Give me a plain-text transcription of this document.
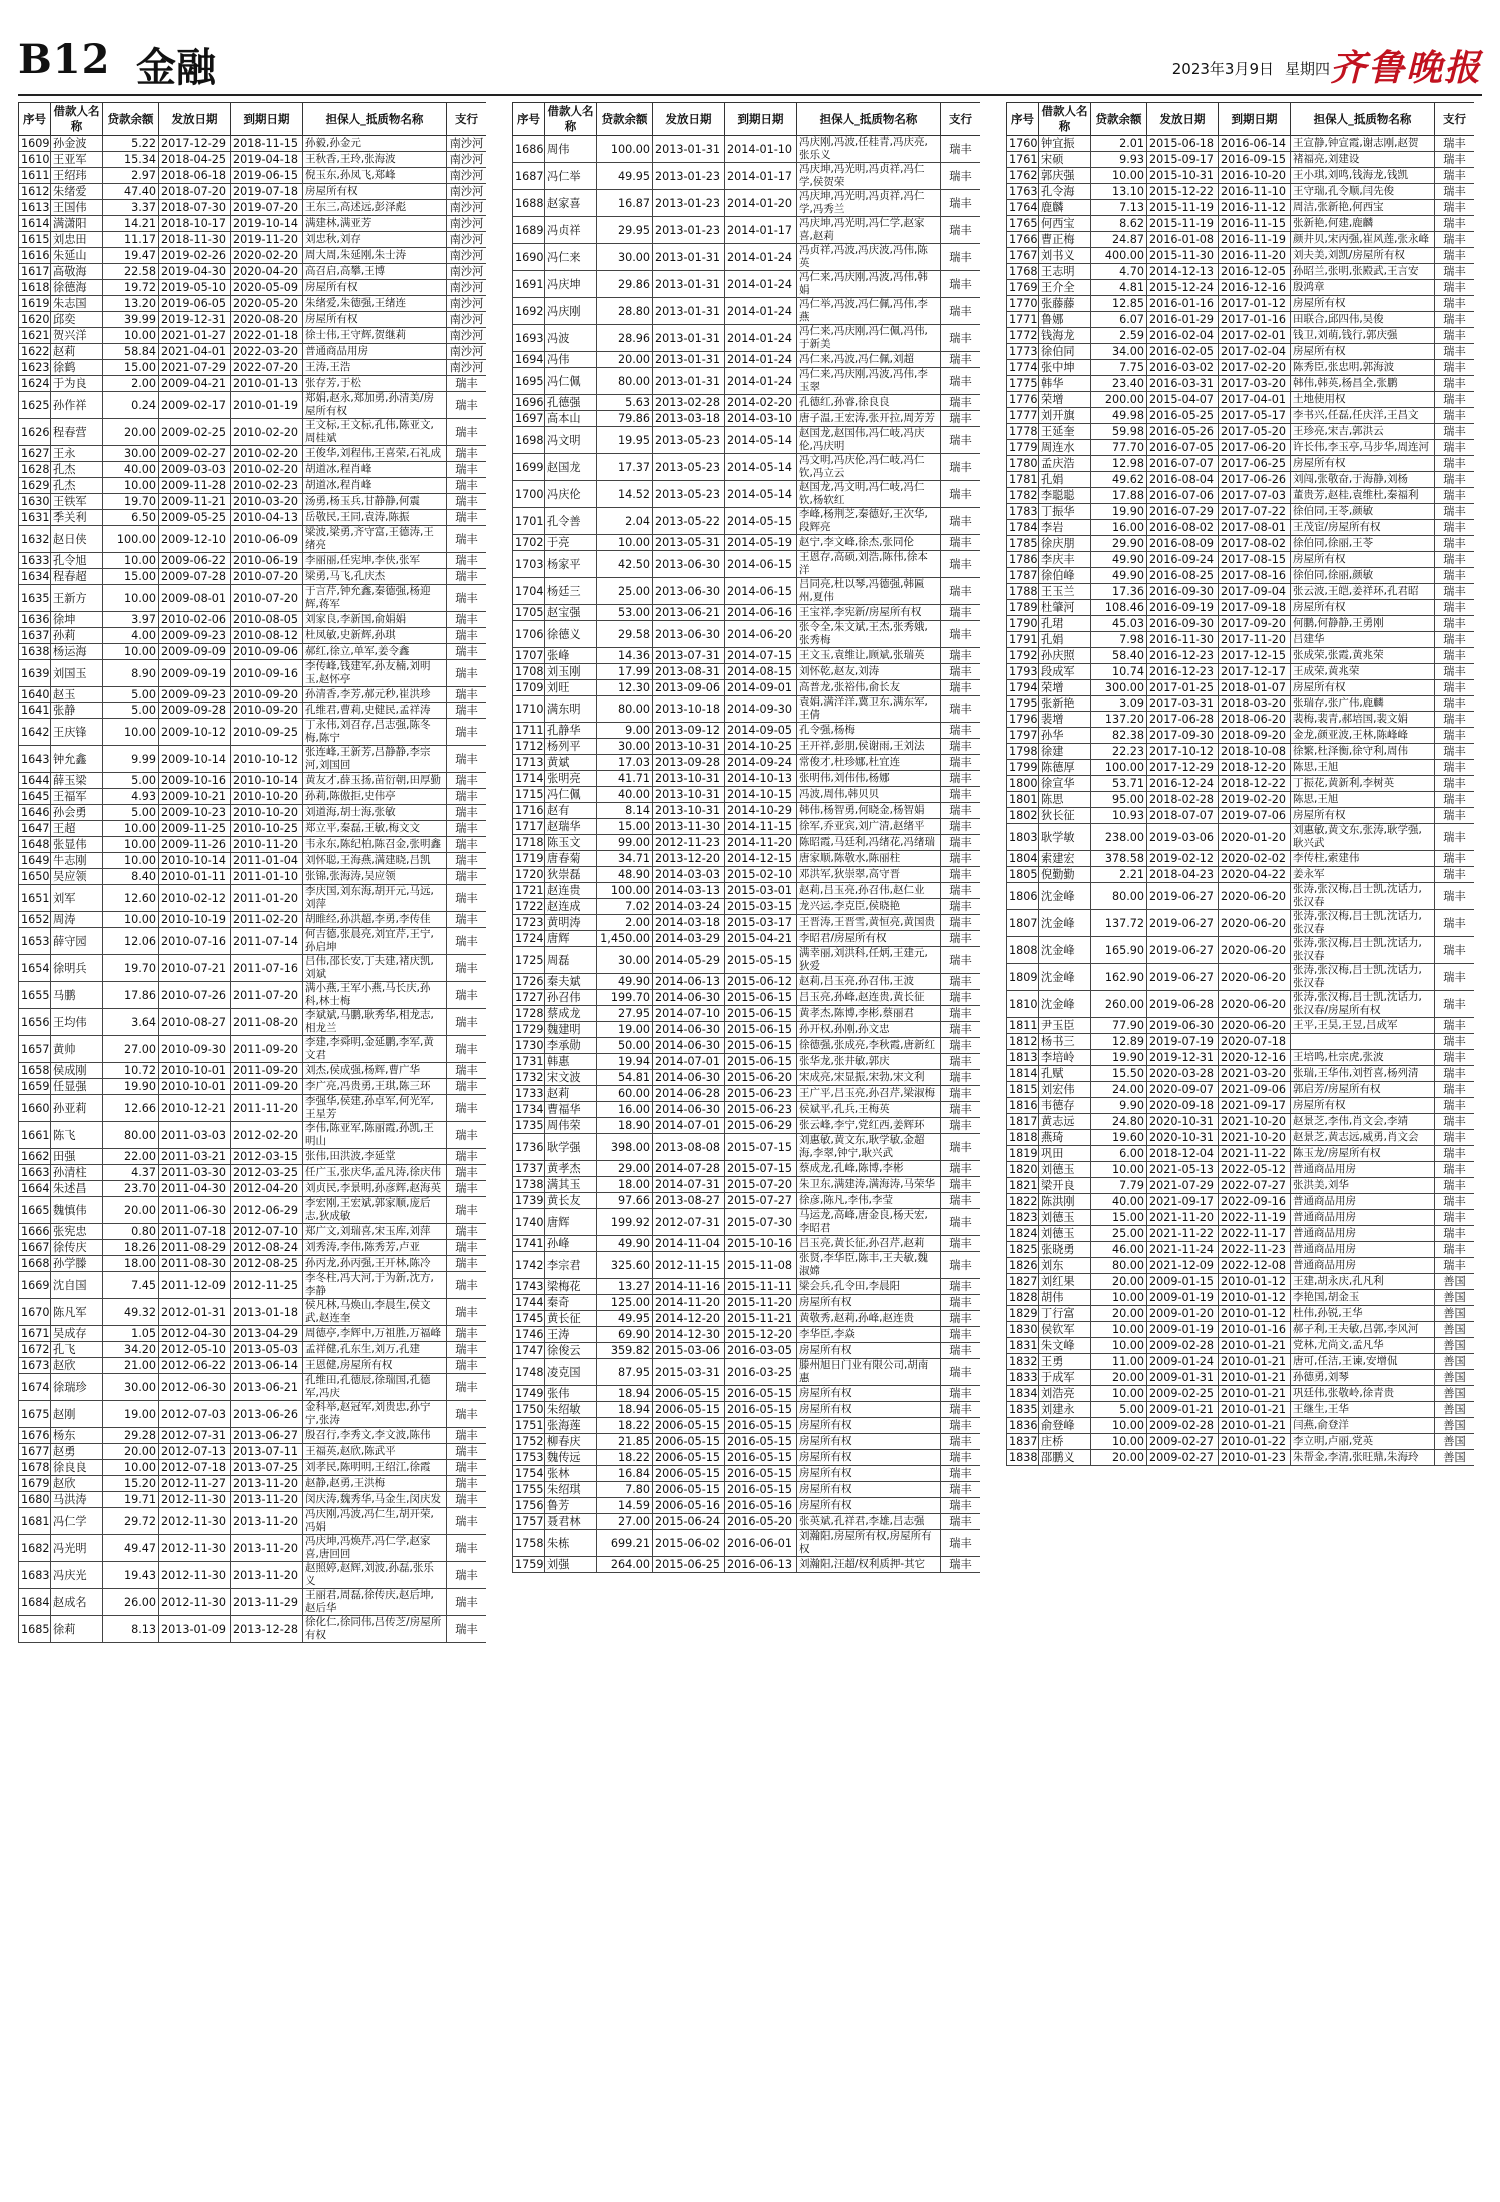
B12 金融	2023年3月9日 星期四 齐鲁晚报
序号	借款人名称	贷款余额	发放日期	到期日期	担保人_抵质物名称	支行
1609	孙金波	5.22	2017-12-29	2018-11-15	孙毅,孙金元	南沙河
1610	王亚军	15.34	2018-04-25	2019-04-18	王秋香,王玲,张海波	南沙河
1611	王绍玮	2.97	2018-06-18	2019-06-15	倪玉东,孙凤飞,郑峰	南沙河
1612	朱绪爱	47.40	2018-07-20	2019-07-18	房屋所有权	南沙河
1613	王国伟	3.37	2018-07-30	2019-07-20	王东三,高述远,彭泽彪	南沙河
1614	满潇阳	14.21	2018-10-17	2019-10-14	满建林,满亚芳	南沙河
1615	刘忠田	11.17	2018-11-30	2019-11-20	刘忠秋,刘存	南沙河
1616	朱延山	19.47	2019-02-26	2020-02-20	周大周,朱延刚,朱士涛	南沙河
1617	高敬海	22.58	2019-04-30	2020-04-20	高召启,高攀,王博	南沙河
1618	徐德海	19.72	2019-05-10	2020-05-09	房屋所有权	南沙河
1619	朱志国	13.20	2019-06-05	2020-05-20	朱绪爱,朱德强,王绪连	南沙河
1620	邱奕	39.99	2019-12-31	2020-08-20	房屋所有权	南沙河
1621	贺兴洋	10.00	2021-01-27	2022-01-18	徐士伟,王守辉,贺继莉	南沙河
1622	赵莉	58.84	2021-04-01	2022-03-20	普通商品用房	南沙河
1623	徐鹤	15.00	2021-07-29	2022-07-20	王涛,王浩	南沙河
1624	于为良	2.00	2009-04-21	2010-01-13	张存芳,于松	瑞丰
1625	孙作祥	0.24	2009-02-17	2010-01-19	郑娟,赵永,郑加勇,孙清美/房屋所有权	瑞丰
1626	程春营	20.00	2009-02-25	2010-02-20	王文标,王文标,孔伟,陈亚文,周桂斌	瑞丰
1627	王永	30.00	2009-02-27	2010-02-20	王俊华,刘程伟,王喜荣,石礼成	瑞丰
1628	孔杰	40.00	2009-03-03	2010-02-20	胡道冰,程肖峰	瑞丰
1629	孔杰	10.00	2009-11-28	2010-02-23	胡道冰,程肖峰	瑞丰
1630	王铁军	19.70	2009-11-21	2010-03-20	汤勇,杨玉兵,甘静静,何震	瑞丰
1631	季关利	6.50	2009-05-25	2010-04-13	岳敬民,王同,袁涛,陈振	瑞丰
1632	赵日侠	100.00	2009-12-10	2010-06-09	梁波,梁勇,齐守富,王德涛,王绪亮	瑞丰
1633	孔令旭	10.00	2009-06-22	2010-06-19	李丽丽,任宪坤,李侠,张军	瑞丰
1634	程春超	15.00	2009-07-28	2010-07-20	梁勇,马飞,孔庆杰	瑞丰
1635	王新方	10.00	2009-08-01	2010-07-20	于言芹,钟允鑫,秦德强,杨迎辉,蒋军	瑞丰
1636	徐坤	3.97	2010-02-06	2010-08-05	刘家良,李新国,俞娟娟	瑞丰
1637	孙莉	4.00	2009-09-23	2010-08-12	杜凤敏,史新辉,孙琪	瑞丰
1638	杨运海	10.00	2009-09-09	2010-09-06	郝红,徐立,单军,姜令鑫	瑞丰
1639	刘国玉	8.90	2009-09-19	2010-09-16	李传峰,钱建军,孙友楠,刘明玉,赵怀亭	瑞丰
1640	赵玉	5.00	2009-09-23	2010-09-20	孙清香,李芳,郝元秒,崔洪珍	瑞丰
1641	张静	5.00	2009-09-28	2010-09-20	孔维君,曹莉,史健民,孟祥涛	瑞丰
1642	王庆锋	10.00	2009-10-12	2010-09-25	丁永伟,刘召存,吕志强,陈冬梅,陈宁	瑞丰
1643	钟允鑫	9.99	2009-10-14	2010-10-12	张连峰,王新芳,吕静静,李宗河,刘国回	瑞丰
1644	薛玉梁	5.00	2009-10-16	2010-10-14	黄友才,薛玉扬,苗衍朝,田厚勤	瑞丰
1645	王福军	4.93	2009-10-21	2010-10-20	孙莉,陈傲拒,史伟亭	瑞丰
1646	孙会勇	5.00	2009-10-23	2010-10-20	刘道海,胡士海,张敏	瑞丰
1647	王超	10.00	2009-11-25	2010-10-25	郑立平,秦磊,王敏,梅文文	瑞丰
1648	张显伟	10.00	2009-11-26	2010-11-20	韦永东,陈纪柏,陈召金,张明鑫	瑞丰
1649	牛志刚	10.00	2010-10-14	2011-01-04	刘怀聪,王海燕,满建晓,吕凯	瑞丰
1650	吴应领	8.40	2010-01-11	2011-01-10	张锦,张海涛,吴应领	瑞丰
1651	刘军	12.60	2010-02-12	2011-01-20	李庆国,刘东海,胡开元,马远,刘萍	瑞丰
1652	周涛	10.00	2010-10-19	2011-02-20	胡睢经,孙洪超,李勇,李传佳	瑞丰
1653	薛守园	12.06	2010-07-16	2011-07-14	何吉德,张晨亮,刘宜芹,王宁,孙启坤	瑞丰
1654	徐明兵	19.70	2010-07-21	2011-07-16	吕伟,邵长安,丁夫建,褚庆凯,刘斌	瑞丰
1655	马鹏	17.86	2010-07-26	2011-07-20	满小燕,王军小燕,马长庆,孙科,林士梅	瑞丰
1656	王均伟	3.64	2010-08-27	2011-08-20	李斌斌,马鹏,耿秀华,相龙志,相龙兰	瑞丰
1657	黄帅	27.00	2010-09-30	2011-09-20	李建,李舜明,金延鹏,李军,黄文君	瑞丰
1658	侯成刚	10.72	2010-10-01	2011-09-20	刘杰,侯成强,杨辉,曹广华	瑞丰
1659	任显强	19.90	2010-10-01	2011-09-20	李广亮,冯贵勇,王琪,陈三环	瑞丰
1660	孙亚莉	12.66	2010-12-21	2011-11-20	李强华,侯建,孙卓军,何光军,王星芳	瑞丰
1661	陈飞	80.00	2011-03-03	2012-02-20	李伟,陈亚军,陈丽霞,孙凯,王明山	瑞丰
1662	田强	22.00	2011-03-21	2012-03-15	张伟,田洪波,李延堂	瑞丰
1663	孙清柱	4.37	2011-03-30	2012-03-25	任广玉,张庆华,孟凡涛,徐庆伟	瑞丰
1664	朱述昌	23.70	2011-04-30	2012-04-20	刘贞民,李景明,孙彦辉,赵海英	瑞丰
1665	魏慎伟	20.00	2011-06-30	2012-06-29	李宏刚,王宏斌,郭家顺,庞后志,狄成敏	瑞丰
1666	张宪忠	0.80	2011-07-18	2012-07-10	郑广文,刘瑞喜,宋玉库,刘萍	瑞丰
1667	徐传庆	18.26	2011-08-29	2012-08-24	刘秀涛,李伟,陈秀芳,卢亚	瑞丰
1668	孙学滕	18.00	2011-08-30	2012-08-25	孙丙龙,孙丙强,王开林,陈冷	瑞丰
1669	沈自国	7.45	2011-12-09	2012-11-25	李冬柱,冯大河,于为新,沈方,李静	瑞丰
1670	陈凡军	49.32	2012-01-31	2013-01-18	侯凡林,马焕山,李晨生,侯文武,赵连奎	瑞丰
1671	吴成存	1.05	2012-04-30	2013-04-29	周德亭,李辉中,万祖胜,万福峰	瑞丰
1672	孔飞	34.20	2012-05-10	2013-05-03	孟祥健,孔东生,刘万,孔建	瑞丰
1673	赵欣	21.00	2012-06-22	2013-06-14	王恩健,房屋所有权	瑞丰
1674	徐瑞珍	30.00	2012-06-30	2013-06-21	孔维田,孔德辰,徐瑞国,孔德军,冯庆	瑞丰
1675	赵刚	19.00	2012-07-03	2013-06-26	金科举,赵冠军,刘贵忠,孙宁宁,张涛	瑞丰
1676	杨东	29.28	2012-07-31	2013-06-27	殷召行,李秀文,李文波,陈伟	瑞丰
1677	赵勇	20.00	2012-07-13	2013-07-11	王福英,赵欣,陈武平	瑞丰
1678	徐良良	10.00	2012-07-18	2013-07-25	刘孝民,陈明明,王绍江,徐霞	瑞丰
1679	赵欣	15.20	2012-11-27	2013-11-20	赵静,赵勇,王洪梅	瑞丰
1680	马洪涛	19.71	2012-11-30	2013-11-20	闵庆涛,魏秀华,马金生,闵庆发	瑞丰
1681	冯仁学	29.72	2012-11-30	2013-11-20	冯庆刚,冯波,冯仁生,胡开荣,冯娟	瑞丰
1682	冯光明	49.47	2012-11-30	2013-11-20	冯庆坤,冯焕芹,冯仁学,赵家喜,唐回回	瑞丰
1683	冯庆光	19.43	2012-11-30	2013-11-20	赵照婷,赵辉,刘波,孙磊,张乐义	瑞丰
1684	赵成名	26.00	2012-11-30	2013-11-29	王丽君,周磊,徐传庆,赵后坤,赵后华	瑞丰
1685	徐莉	8.13	2013-01-09	2013-12-28	徐化仁,徐同伟,吕传芝/房屋所有权	瑞丰
序号	借款人名称	贷款余额	发放日期	到期日期	担保人_抵质物名称	支行
1686	周伟	100.00	2013-01-31	2014-01-10	冯庆刚,冯波,任桂青,冯庆亮,张乐义	瑞丰
1687	冯仁举	49.95	2013-01-23	2014-01-17	冯庆坤,冯光明,冯贞祥,冯仁学,侯贺荣	瑞丰
1688	赵家喜	16.87	2013-01-23	2014-01-20	冯庆坤,冯光明,冯贞祥,冯仁学,冯秀兰	瑞丰
1689	冯贞祥	29.95	2013-01-23	2014-01-17	冯庆坤,冯光明,冯仁学,赵家喜,赵莉	瑞丰
1690	冯仁来	30.00	2013-01-31	2014-01-24	冯贞祥,冯波,冯庆波,冯伟,陈英	瑞丰
1691	冯庆坤	29.86	2013-01-31	2014-01-24	冯仁来,冯庆刚,冯波,冯伟,韩娟	瑞丰
1692	冯庆刚	28.80	2013-01-31	2014-01-24	冯仁举,冯波,冯仁佩,冯伟,李燕	瑞丰
1693	冯波	28.96	2013-01-31	2014-01-24	冯仁来,冯庆刚,冯仁佩,冯伟,于新美	瑞丰
1694	冯伟	20.00	2013-01-31	2014-01-24	冯仁来,冯波,冯仁佩,刘超	瑞丰
1695	冯仁佩	80.00	2013-01-31	2014-01-24	冯仁来,冯庆刚,冯波,冯伟,李玉翠	瑞丰
1696	孔德强	5.63	2013-02-28	2014-02-20	孔德红,孙睿,徐良良	瑞丰
1697	高本山	79.86	2013-03-18	2014-03-10	唐子温,王宏涛,张开拉,周芳芳	瑞丰
1698	冯文明	19.95	2013-05-23	2014-05-14	赵国龙,赵国伟,冯仁岐,冯庆伦,冯庆明	瑞丰
1699	赵国龙	17.37	2013-05-23	2014-05-14	冯文明,冯庆伦,冯仁岐,冯仁钦,冯立云	瑞丰
1700	冯庆伦	14.52	2013-05-23	2014-05-14	赵国龙,冯文明,冯仁岐,冯仁钦,杨软红	瑞丰
1701	孔令善	2.04	2013-05-22	2014-05-15	李峰,杨荆芝,秦德好,王次华,段辉亮	瑞丰
1702	于亮	10.00	2013-05-31	2014-05-19	赵宁,李文峰,徐杰,张同伦	瑞丰
1703	杨家平	42.50	2013-06-30	2014-06-15	王恩存,高硕,刘浩,陈伟,徐本洋	瑞丰
1704	杨廷三	25.00	2013-06-30	2014-06-15	吕同亮,杜以琴,冯德强,韩匾州,夏伟	瑞丰
1705	赵宝强	53.00	2013-06-21	2014-06-16	王宝祥,李宪新/房屋所有权	瑞丰
1706	徐德义	29.58	2013-06-30	2014-06-20	张令全,朱文斌,王杰,张秀娥,张秀梅	瑞丰
1707	张峰	14.36	2013-07-31	2014-07-15	王文玉,袁维让,顾斌,张瑞英	瑞丰
1708	刘玉刚	17.99	2013-08-31	2014-08-15	刘怀乾,赵友,刘涛	瑞丰
1709	刘旺	12.30	2013-09-06	2014-09-01	高普龙,张裕伟,俞长友	瑞丰
1710	满东明	80.00	2013-10-18	2014-09-30	袁娟,满洋洋,冀卫东,满东军,王倩	瑞丰
1711	孔静华	9.00	2013-09-12	2014-09-05	孔令强,杨梅	瑞丰
1712	杨列平	30.00	2013-10-31	2014-10-25	王开祥,彭朋,侯谢雨,王刘法	瑞丰
1713	黄斌	17.03	2013-09-28	2014-09-24	常俊才,杜珍娜,杜宜连	瑞丰
1714	张明亮	41.71	2013-10-31	2014-10-13	张明伟,刘伟伟,杨娜	瑞丰
1715	冯仁佩	40.00	2013-10-31	2014-10-15	冯波,周伟,韩贝贝	瑞丰
1716	赵有	8.14	2013-10-31	2014-10-29	韩伟,杨智勇,何晓金,杨智娟	瑞丰
1717	赵瑞华	15.00	2013-11-30	2014-11-15	徐军,乔亚宾,刘广清,赵绪平	瑞丰
1718	陈玉文	99.00	2012-11-23	2014-11-20	陈昭霞,马廷利,冯绪花,冯绪瑞	瑞丰
1719	唐春菊	34.71	2013-12-20	2014-12-15	唐家顺,陈敬水,陈丽柱	瑞丰
1720	狄崇磊	48.90	2014-03-03	2015-02-10	邓洪军,狄崇翠,高守晋	瑞丰
1721	赵连贵	100.00	2014-03-13	2015-03-01	赵莉,吕玉亮,孙召伟,赵仁业	瑞丰
1722	赵连成	7.02	2014-03-24	2015-03-15	龙兴运,李克臣,侯晓艳	瑞丰
1723	黄明涛	2.00	2014-03-18	2015-03-17	王晋涛,王晋雪,黄恒亮,黄国贵	瑞丰
1724	唐辉	1,450.00	2014-03-29	2015-04-21	李昭君/房屋所有权	瑞丰
1725	周磊	30.00	2014-05-29	2015-05-15	满幸丽,刘洪科,任炳,王建元,狄爱	瑞丰
1726	秦夫斌	49.90	2014-06-13	2015-06-12	赵莉,吕玉亮,孙召伟,王波	瑞丰
1727	孙召伟	199.70	2014-06-30	2015-06-15	吕玉亮,孙峰,赵连贵,黄长征	瑞丰
1728	蔡成龙	27.95	2014-07-10	2015-06-15	黄孝杰,陈博,李彬,蔡丽君	瑞丰
1729	魏建明	19.00	2014-06-30	2015-06-15	孙开权,孙刚,孙文忠	瑞丰
1730	李承勋	50.00	2014-06-30	2015-06-15	徐德强,张成亮,李秋霞,唐新红	瑞丰
1731	韩惠	19.94	2014-07-01	2015-06-15	张华龙,张井敏,郭庆	瑞丰
1732	宋文波	54.81	2014-06-30	2015-06-20	宋成亮,宋显振,宋勃,宋文利	瑞丰
1733	赵莉	60.00	2014-06-28	2015-06-23	王广平,吕玉亮,孙召芹,梁淑梅	瑞丰
1734	曹福华	16.00	2014-06-30	2015-06-23	侯斌平,孔兵,王梅英	瑞丰
1735	周伟荣	18.90	2014-07-01	2015-06-29	张云峰,李宁,党红西,姜辉环	瑞丰
1736	耿学强	398.00	2013-08-08	2015-07-15	刘惠敏,黄文东,耿学敏,金超海,李翠,钟宁,耿兴武	瑞丰
1737	黄孝杰	29.00	2014-07-28	2015-07-15	蔡成龙,孔峰,陈博,李彬	瑞丰
1738	满其玉	18.00	2014-07-31	2015-07-20	朱卫东,满建涛,满海涛,马荣华	瑞丰
1739	黄长友	97.66	2013-08-27	2015-07-27	徐彦,陈凡,李伟,李莹	瑞丰
1740	唐辉	199.92	2012-07-31	2015-07-30	马运龙,高峰,唐金良,杨天宏,李昭君	瑞丰
1741	孙峰	49.90	2014-11-04	2015-10-16	吕玉亮,黄长征,孙召芹,赵莉	瑞丰
1742	李宗君	325.60	2012-11-15	2015-11-08	张贤,李华臣,陈丰,王夫敏,魏淑嫦	瑞丰
1743	梁梅花	13.27	2014-11-16	2015-11-11	梁会兵,孔令田,李晨阳	瑞丰
1744	秦奇	125.00	2014-11-20	2015-11-20	房屋所有权	瑞丰
1745	黄长征	49.95	2014-12-20	2015-11-21	黄敬秀,赵莉,孙峰,赵连贵	瑞丰
1746	王涛	69.90	2014-12-30	2015-12-20	李华臣,李焱	瑞丰
1747	徐俊云	359.82	2015-03-06	2016-03-05	房屋所有权	瑞丰
1748	凌克国	87.95	2015-03-31	2016-03-25	滕州旭日门业有限公司,胡南惠	瑞丰
1749	张伟	18.94	2006-05-15	2016-05-15	房屋所有权	瑞丰
1750	朱绍敏	18.94	2006-05-15	2016-05-15	房屋所有权	瑞丰
1751	张海莲	18.22	2006-05-15	2016-05-15	房屋所有权	瑞丰
1752	柳春庆	21.85	2006-05-15	2016-05-15	房屋所有权	瑞丰
1753	魏传远	18.22	2006-05-15	2016-05-15	房屋所有权	瑞丰
1754	张林	16.84	2006-05-15	2016-05-15	房屋所有权	瑞丰
1755	朱绍琪	7.80	2006-05-15	2016-05-15	房屋所有权	瑞丰
1756	鲁芳	14.59	2006-05-16	2016-05-16	房屋所有权	瑞丰
1757	聂君林	27.00	2015-06-24	2016-05-20	张英斌,孔祥君,李雄,吕志强	瑞丰
1758	朱栋	699.21	2015-06-02	2016-06-01	刘瀚阳,房屋所有权,房屋所有权	瑞丰
1759	刘强	264.00	2015-06-25	2016-06-13	刘瀚阳,汪超/权利质押-其它	瑞丰
序号	借款人名称	贷款余额	发放日期	到期日期	担保人_抵质物名称	支行
1760	钟宜振	2.01	2015-06-18	2016-06-14	王宣静,钟宣霞,谢志刚,赵贺	瑞丰
1761	宋硕	9.93	2015-09-17	2016-09-15	褚福亮,刘建设	瑞丰
1762	郭庆强	10.00	2015-10-31	2016-10-20	王小琪,刘鸣,钱海龙,钱凯	瑞丰
1763	孔令海	13.10	2015-12-22	2016-11-10	王守瑞,孔令顺,闫先俊	瑞丰
1764	鹿麟	7.13	2015-11-19	2016-11-12	周洁,张新艳,何西宝	瑞丰
1765	何西宝	8.62	2015-11-19	2016-11-15	张新艳,何建,鹿麟	瑞丰
1766	曹正梅	24.87	2016-01-08	2016-11-19	颜井贝,宋丙强,崔风莲,张永峰	瑞丰
1767	刘书义	400.00	2015-11-30	2016-11-20	刘夫美,刘凯/房屋所有权	瑞丰
1768	王志明	4.70	2014-12-13	2016-12-05	孙昭兰,张明,张殿武,王言安	瑞丰
1769	王介全	4.81	2015-12-24	2016-12-16	殷鸿章	瑞丰
1770	张藤藤	12.85	2016-01-16	2017-01-12	房屋所有权	瑞丰
1771	鲁娜	6.07	2016-01-29	2017-01-16	田联合,邱四伟,吴俊	瑞丰
1772	钱海龙	2.59	2016-02-04	2017-02-01	钱卫,刘萌,钱行,郭庆强	瑞丰
1773	徐伯同	34.00	2016-02-05	2017-02-04	房屋所有权	瑞丰
1774	张中坤	7.75	2016-03-02	2017-02-20	陈秀臣,张忠明,郭海波	瑞丰
1775	韩华	23.40	2016-03-31	2017-03-20	韩伟,韩英,杨昌全,张鹏	瑞丰
1776	荣增	200.00	2015-04-07	2017-04-01	土地使用权	瑞丰
1777	刘开旗	49.98	2016-05-25	2017-05-17	李书兴,任磊,任庆洋,王昌文	瑞丰
1778	王延奎	59.98	2016-05-26	2017-05-20	王珍亮,宋吉,郭洪云	瑞丰
1779	周连水	77.70	2016-07-05	2017-06-20	许长伟,李玉亭,马步华,周连河	瑞丰
1780	孟庆浩	12.98	2016-07-07	2017-06-25	房屋所有权	瑞丰
1781	孔娟	49.62	2016-08-04	2017-06-26	刘闯,张敬奋,于海静,刘杨	瑞丰
1782	李聪聪	17.88	2016-07-06	2017-07-03	董贵芳,赵桂,袁维杜,秦福利	瑞丰
1783	丁振华	19.90	2016-07-29	2017-07-22	徐伯同,王苓,颜敏	瑞丰
1784	李岩	16.00	2016-08-02	2017-08-01	王茂宦/房屋所有权	瑞丰
1785	徐庆朋	29.90	2016-08-09	2017-08-02	徐伯同,徐丽,王苓	瑞丰
1786	李庆丰	49.90	2016-09-24	2017-08-15	房屋所有权	瑞丰
1787	徐伯峰	49.90	2016-08-25	2017-08-16	徐伯同,徐丽,颜敏	瑞丰
1788	王玉兰	17.36	2016-09-30	2017-09-04	张云波,王皑,姜祥环,孔君昭	瑞丰
1789	杜肇河	108.46	2016-09-19	2017-09-18	房屋所有权	瑞丰
1790	孔珺	45.03	2016-09-30	2017-09-20	何鹏,何静静,王勇刚	瑞丰
1791	孔娟	7.98	2016-11-30	2017-11-20	吕建华	瑞丰
1792	孙庆照	58.40	2016-12-23	2017-12-15	张成荣,张霞,黄兆荣	瑞丰
1793	段成军	10.74	2016-12-23	2017-12-17	王成荣,黄兆荣	瑞丰
1794	荣增	300.00	2017-01-25	2018-01-07	房屋所有权	瑞丰
1795	张新艳	3.09	2017-03-31	2018-03-20	张瑞存,张广伟,鹿麟	瑞丰
1796	裴增	137.20	2017-06-28	2018-06-20	裴梅,裴青,郝培国,裴文娟	瑞丰
1797	孙华	82.38	2017-09-30	2018-09-20	金龙,颜亚波,王林,陈峰峰	瑞丰
1798	徐建	22.23	2017-10-12	2018-10-08	徐繁,杜泽衡,徐守利,周伟	瑞丰
1799	陈德厚	100.00	2017-12-29	2018-12-20	陈思,王旭	瑞丰
1800	徐宣华	53.71	2016-12-24	2018-12-22	丁振花,黄新利,李树英	瑞丰
1801	陈思	95.00	2018-02-28	2019-02-20	陈思,王旭	瑞丰
1802	狄长征	10.93	2018-07-07	2019-07-06	房屋所有权	瑞丰
1803	耿学敏	238.00	2019-03-06	2020-01-20	刘惠敏,黄文东,张涛,耿学强,耿兴武	瑞丰
1804	索建宏	378.58	2019-02-12	2020-02-02	李传柱,索建伟	瑞丰
1805	倪勤勤	2.21	2018-04-23	2020-04-22	姜永军	瑞丰
1806	沈金峰	80.00	2019-06-27	2020-06-20	张涛,张汉梅,吕士凯,沈话力,张汉春	瑞丰
1807	沈金峰	137.72	2019-06-27	2020-06-20	张涛,张汉梅,吕士凯,沈话力,张汉春	瑞丰
1808	沈金峰	165.90	2019-06-27	2020-06-20	张涛,张汉梅,吕士凯,沈话力,张汉春	瑞丰
1809	沈金峰	162.90	2019-06-27	2020-06-20	张涛,张汉梅,吕士凯,沈话力,张汉春	瑞丰
1810	沈金峰	260.00	2019-06-28	2020-06-20	张涛,张汉梅,吕士凯,沈话力,张汉春/房屋所有权	瑞丰
1811	尹玉臣	77.90	2019-06-30	2020-06-20	王平,王昊,王昱,吕成军	瑞丰
1812	杨书三	12.89	2019-07-19	2020-07-18		瑞丰
1813	李培岭	19.90	2019-12-31	2020-12-16	王培鸣,杜宗虎,张波	瑞丰
1814	孔赋	15.50	2020-03-28	2021-03-20	张瑞,王华伟,刘哲喜,杨列清	瑞丰
1815	刘宏伟	24.00	2020-09-07	2021-09-06	郭启芳/房屋所有权	瑞丰
1816	韦德存	9.90	2020-09-18	2021-09-17	房屋所有权	瑞丰
1817	黄志远	24.80	2020-10-31	2021-10-20	赵景芝,李伟,肖文会,李靖	瑞丰
1818	燕琦	19.60	2020-10-31	2021-10-20	赵景芝,黄志远,威勇,肖文会	瑞丰
1819	巩田	6.00	2018-12-04	2021-11-22	陈玉龙/房屋所有权	瑞丰
1820	刘德玉	10.00	2021-05-13	2022-05-12	普通商品用房	瑞丰
1821	梁开良	7.79	2021-07-29	2022-07-27	张洪美,刘华	瑞丰
1822	陈洪刚	40.00	2021-09-17	2022-09-16	普通商品用房	瑞丰
1823	刘德玉	15.00	2021-11-20	2022-11-19	普通商品用房	瑞丰
1824	刘德玉	25.00	2021-11-22	2022-11-17	普通商品用房	瑞丰
1825	张晓勇	46.00	2021-11-24	2022-11-23	普通商品用房	瑞丰
1826	刘东	80.00	2021-12-09	2022-12-08	普通商品用房	瑞丰
1827	刘红果	20.00	2009-01-15	2010-01-12	王建,胡永庆,孔凡利	善国
1828	胡伟	10.00	2009-01-19	2010-01-12	李艳国,胡金玉	善国
1829	丁行富	20.00	2009-01-20	2010-01-12	杜伟,孙锐,王华	善国
1830	侯钦军	10.00	2009-01-19	2010-01-16	郝子利,王夫敏,吕郭,李风河	善国
1831	朱文峰	10.00	2009-02-28	2010-01-21	党林,尤尚文,孟凡华	善国
1832	王勇	11.00	2009-01-24	2010-01-21	唐可,任洁,王谏,安增侃	善国
1833	于成军	20.00	2009-01-31	2010-01-21	孙德勇,刘琴	善国
1834	刘浩亮	10.00	2009-02-25	2010-01-21	巩廷伟,张敬岭,徐青贵	善国
1835	刘建永	5.00	2009-01-21	2010-01-21	王继生,王华	善国
1836	俞登峰	10.00	2009-02-28	2010-01-21	闫燕,俞登洋	善国
1837	庄桥	10.00	2009-02-27	2010-01-22	李立明,卢丽,党英	善国
1838	邵鹏义	20.00	2009-02-27	2010-01-23	朱帮金,李清,张旺鼎,朱海玲	善国
